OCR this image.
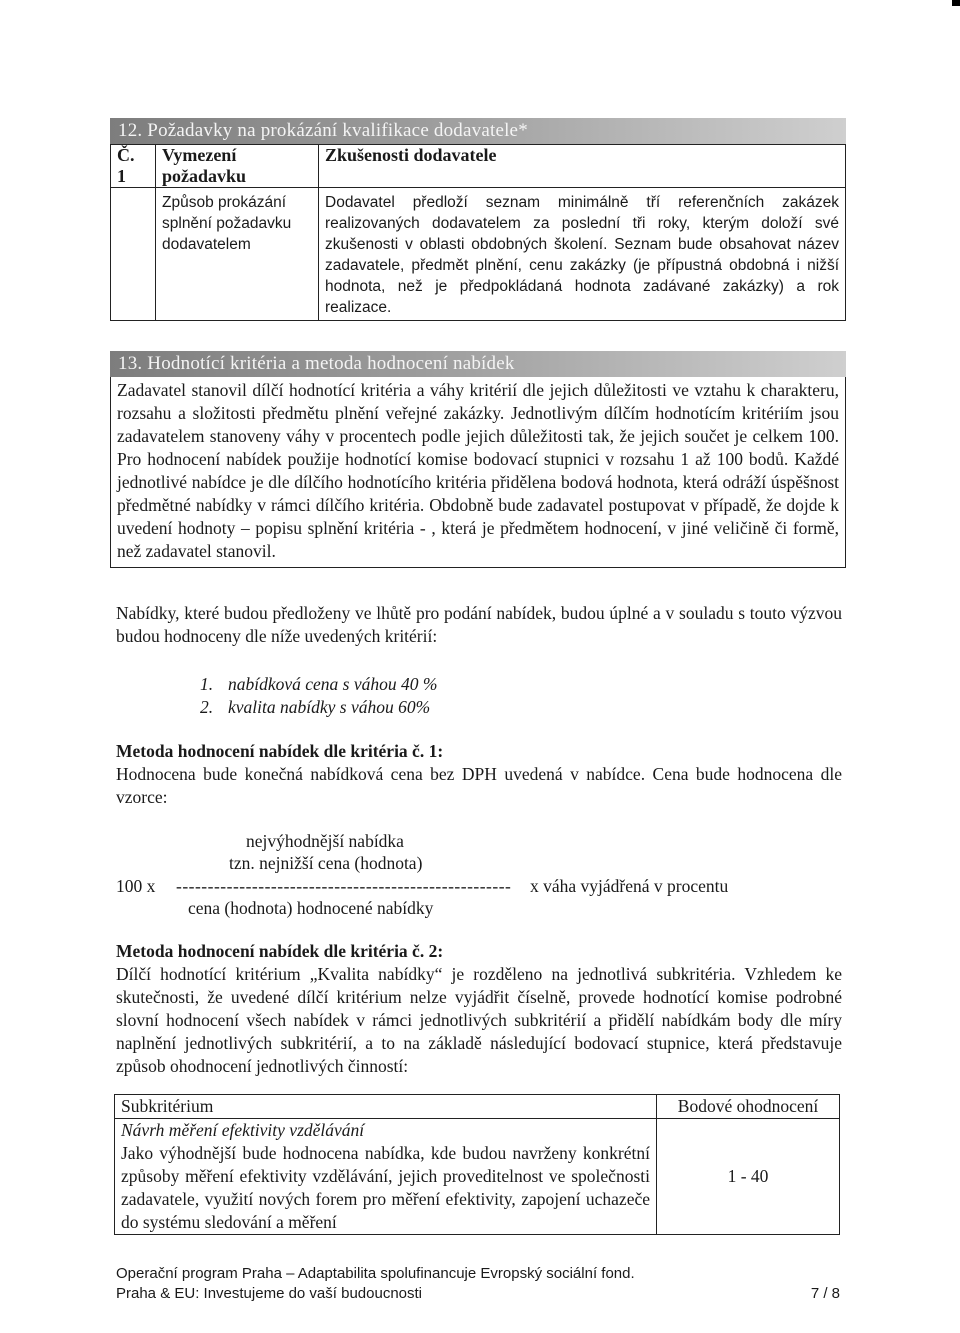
12. Požadavky na prokázání kvalifikace dodavatele*
Č.
1	Vymezení požadavku	Zkušenosti dodavatele
	Způsob prokázání splnění požadavku dodavatelem	Dodavatel předloží seznam minimálně tří referenčních zakázek realizovaných dodavatelem za poslední tři roky, kterým doloží své zkušenosti v oblasti obdobných školení. Seznam bude obsahovat název zadavatele, předmět plnění, cenu zakázky (je přípustná obdobná i nižší hodnota, než je předpokládaná hodnota zadávané zakázky) a rok realizace.
13. Hodnotící kritéria a metoda hodnocení nabídek
Zadavatel stanovil dílčí hodnotící kritéria a váhy kritérií dle jejich důležitosti ve vztahu k charakteru, rozsahu a složitosti předmětu plnění veřejné zakázky. Jednotlivým dílčím hodnotícím kritériím jsou zadavatelem stanoveny váhy v procentech podle jejich důležitosti tak, že jejich součet je celkem 100. Pro hodnocení nabídek použije hodnotící komise bodovací stupnici v rozsahu 1 až 100 bodů. Každé jednotlivé nabídce je dle dílčího hodnotícího kritéria přidělena bodová hodnota, která odráží úspěšnost předmětné nabídky v rámci dílčího kritéria. Obdobně bude zadavatel postupovat v případě, že dojde k uvedení hodnoty – popisu splnění kritéria - , která je předmětem hodnocení, v jiné veličině či formě, než zadavatel stanovil.
Nabídky, které budou předloženy ve lhůtě pro podání nabídek, budou úplné a v souladu s touto výzvou budou hodnoceny dle níže uvedených kritérií:
1. nabídková cena s váhou 40 %
2. kvalita nabídky s váhou 60%
Metoda hodnocení nabídek dle kritéria č. 1:
Hodnocena bude konečná nabídková cena bez DPH uvedená v nabídce. Cena bude hodnocena dle vzorce:
nejvýhodnější nabídka
tzn. nejnižší cena (hodnota)
100 x ----------------------------------------------------- x váha vyjádřená v procentu
cena (hodnota) hodnocené nabídky
Metoda hodnocení nabídek dle kritéria č. 2:
Dílčí hodnotící kritérium „Kvalita nabídky“ je rozděleno na jednotlivá subkritéria. Vzhledem ke skutečnosti, že uvedené dílčí kritérium nelze vyjádřit číselně, provede hodnotící komise podrobné slovní hodnocení všech nabídek v rámci jednotlivých subkritérií a přidělí nabídkám body dle míry naplnění jednotlivých subkritérií, a to na základě následující bodovací stupnice, která představuje způsob ohodnocení jednotlivých činností:
Subkritérium	Bodové ohodnocení

Návrh měření efektivity vzdělávání
Jako výhodnější bude hodnocena nabídka, kde budou navrženy konkrétní způsoby měření efektivity vzdělávání, jejich proveditelnost ve společnosti zadavatele, využití nových forem pro měření efektivity, zapojení uchazeče do systému sledování a měření	1 - 40
Operační program Praha – Adaptabilita spolufinancuje Evropský sociální fond.
Praha & EU: Investujeme do vaší budoucnosti	7 / 8
